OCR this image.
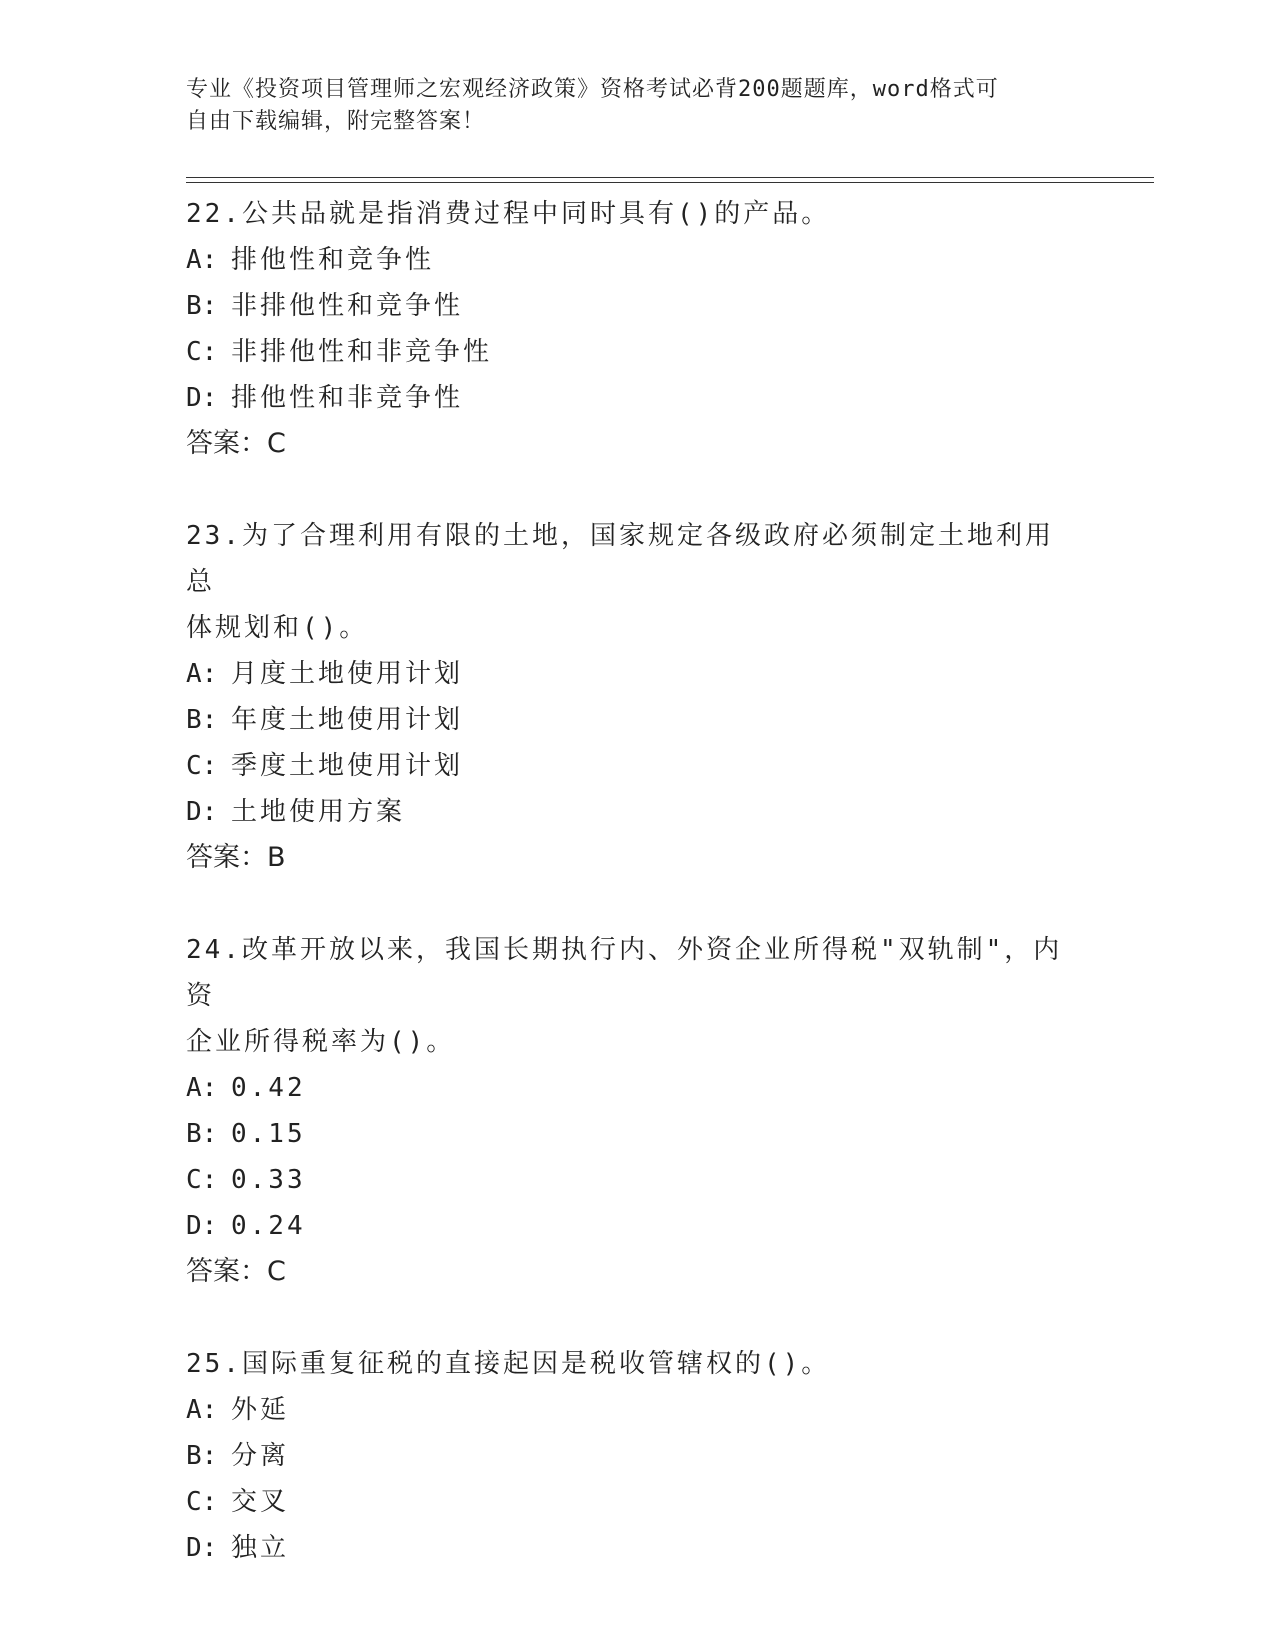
专业《投资项目管理师之宏观经济政策》资格考试必背200题题库，word格式可
自由下载编辑，附完整答案！
22.公共品就是指消费过程中同时具有()的产品。
A: 排他性和竞争性
B: 非排他性和竞争性
C: 非排他性和非竞争性
D: 排他性和非竞争性
答案：C
23.为了合理利用有限的土地，国家规定各级政府必须制定土地利用总
体规划和()。
A: 月度土地使用计划
B: 年度土地使用计划
C: 季度土地使用计划
D: 土地使用方案
答案：B
24.改革开放以来，我国长期执行内、外资企业所得税"双轨制"，内资
企业所得税率为()。
A: 0.42
B: 0.15
C: 0.33
D: 0.24
答案：C
25.国际重复征税的直接起因是税收管辖权的()。
A: 外延
B: 分离
C: 交叉
D: 独立
